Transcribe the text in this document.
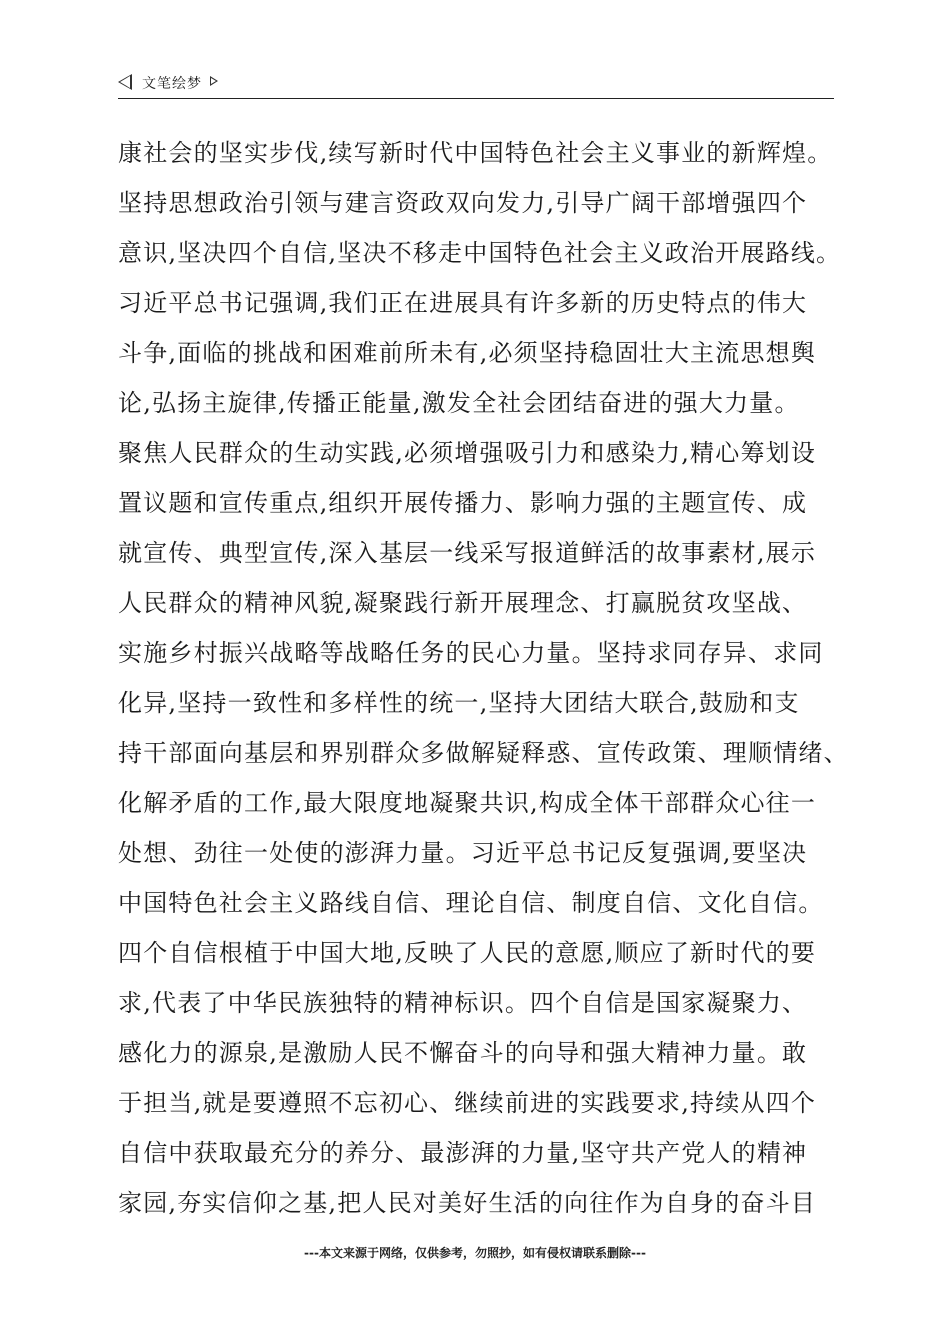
文笔绘梦
康社会的坚实步伐,续写新时代中国特色社会主义事业的新辉煌。
坚持思想政治引领与建言资政双向发力,引导广阔干部增强四个
意识,坚决四个自信,坚决不移走中国特色社会主义政治开展路线。
习近平总书记强调,我们正在进展具有许多新的历史特点的伟大
斗争,面临的挑战和困难前所未有,必须坚持稳固壮大主流思想舆
论,弘扬主旋律,传播正能量,激发全社会团结奋进的强大力量。
聚焦人民群众的生动实践,必须增强吸引力和感染力,精心筹划设
置议题和宣传重点,组织开展传播力、影响力强的主题宣传、成
就宣传、典型宣传,深入基层一线采写报道鲜活的故事素材,展示
人民群众的精神风貌,凝聚践行新开展理念、打赢脱贫攻坚战、
实施乡村振兴战略等战略任务的民心力量。坚持求同存异、求同
化异,坚持一致性和多样性的统一,坚持大团结大联合,鼓励和支
持干部面向基层和界别群众多做解疑释惑、宣传政策、理顺情绪、
化解矛盾的工作,最大限度地凝聚共识,构成全体干部群众心往一
处想、劲往一处使的澎湃力量。习近平总书记反复强调,要坚决
中国特色社会主义路线自信、理论自信、制度自信、文化自信。
四个自信根植于中国大地,反映了人民的意愿,顺应了新时代的要
求,代表了中华民族独特的精神标识。四个自信是国家凝聚力、
感化力的源泉,是激励人民不懈奋斗的向导和强大精神力量。敢
于担当,就是要遵照不忘初心、继续前进的实践要求,持续从四个
自信中获取最充分的养分、最澎湃的力量,坚守共产党人的精神
家园,夯实信仰之基,把人民对美好生活的向往作为自身的奋斗目
---本文来源于网络，仅供参考，勿照抄，如有侵权请联系删除---
